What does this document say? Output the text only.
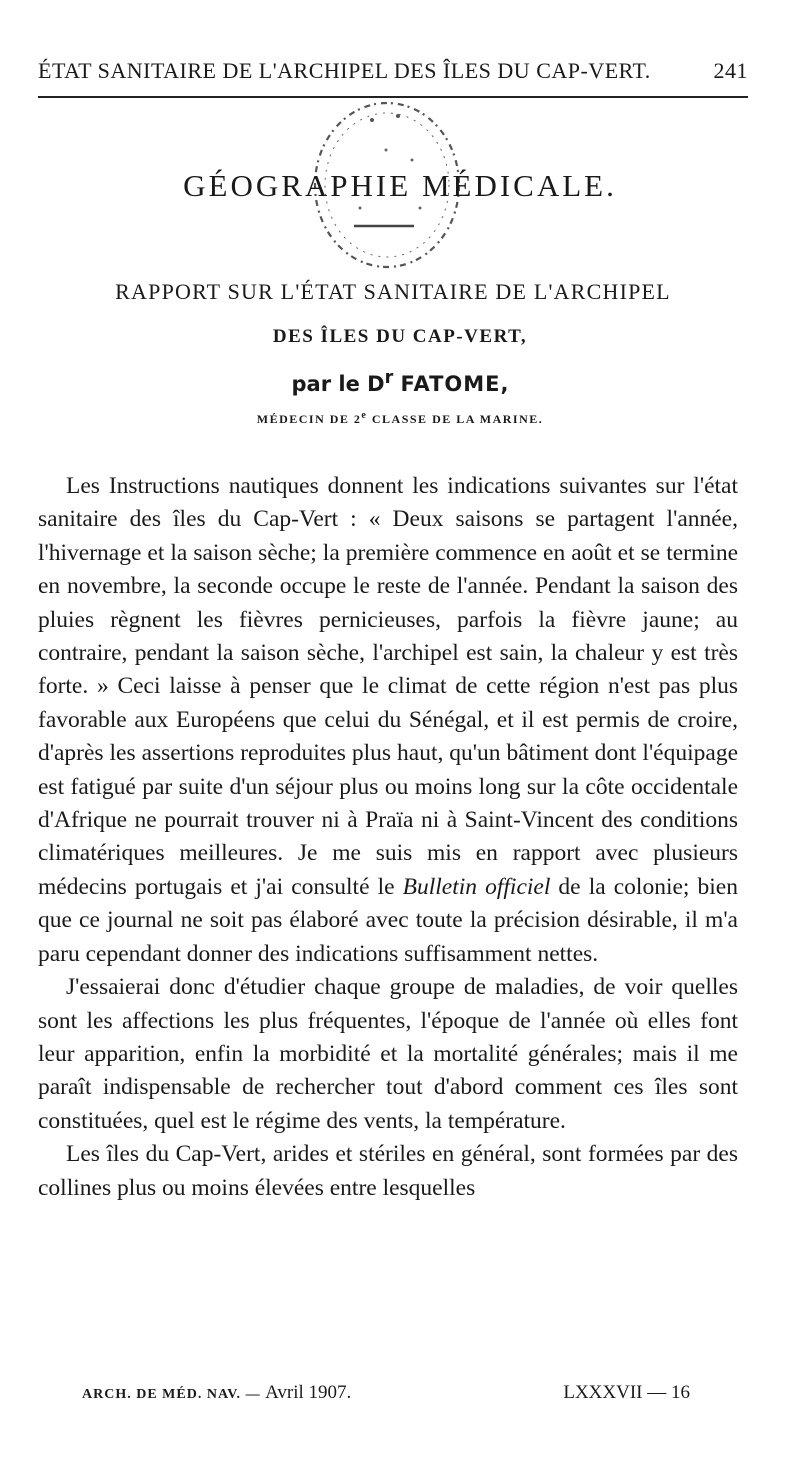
ÉTAT SANITAIRE DE L'ARCHIPEL DES ÎLES DU CAP-VERT.	241
GÉOGRAPHIE MÉDICALE.
RAPPORT SUR L'ÉTAT SANITAIRE DE L'ARCHIPEL
DES ÎLES DU CAP-VERT,
par le $D^r$ FATOME,
MÉDECIN DE 2e CLASSE DE LA MARINE.

Les Instructions nautiques donnent les indications suivantes sur l'état sanitaire des îles du Cap-Vert : « Deux saisons se partagent l'année, l'hivernage et la saison sèche; la première commence en août et se termine en novembre, la seconde occupe le reste de l'année. Pendant la saison des pluies règnent les fièvres pernicieuses, parfois la fièvre jaune; au contraire, pendant la saison sèche, l'archipel est sain, la chaleur y est très forte. » Ceci laisse à penser que le climat de cette région n'est pas plus favorable aux Européens que celui du Sénégal, et il est permis de croire, d'après les assertions reproduites plus haut, qu'un bâtiment dont l'équipage est fatigué par suite d'un séjour plus ou moins long sur la côte occidentale d'Afrique ne pourrait trouver ni à Praïa ni à Saint-Vincent des conditions climatériques meilleures. Je me suis mis en rapport avec plusieurs médecins portugais et j'ai consulté le Bulletin officiel de la colonie; bien que ce journal ne soit pas élaboré avec toute la précision désirable, il m'a paru cependant donner des indications suffisamment nettes.

J'essaierai donc d'étudier chaque groupe de maladies, de voir quelles sont les affections les plus fréquentes, l'époque de l'année où elles font leur apparition, enfin la morbidité et la mortalité générales; mais il me paraît indispensable de rechercher tout d'abord comment ces îles sont constituées, quel est le régime des vents, la température.

Les îles du Cap-Vert, arides et stériles en général, sont formées par des collines plus ou moins élevées entre lesquelles

ARCH. DE MÉD. NAV. — Avril 1907.	LXXXVII — 16
